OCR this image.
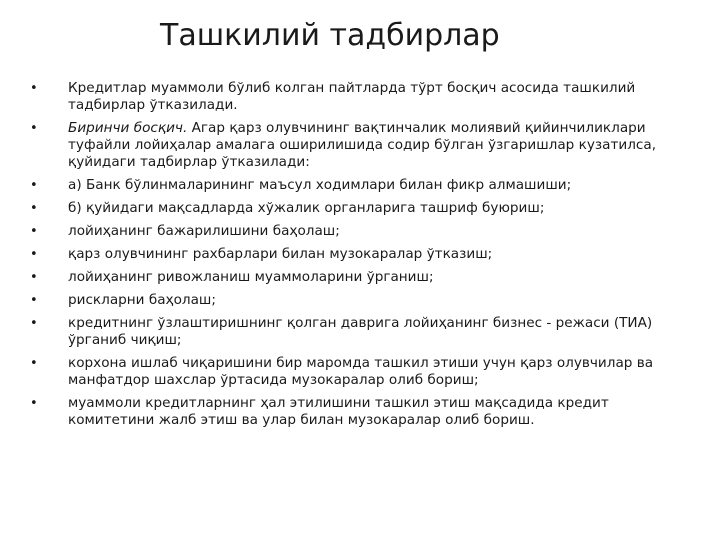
Ташкилий тадбирлар
• Кредитлар муаммоли бўлиб колган пайтларда тўрт босқич асосида ташкилий тадбирлар ўтказилади.
• Биринчи босқич. Агар қарз олувчининг вақтинчалик молиявий қийинчиликлари туфайли лойиҳалар амалага оширилишида содир бўлган ўзгаришлар кузатилса, қуйидаги тадбирлар ўтказилади:
• а) Банк бўлинмаларининг маъсул ходимлари билан фикр алмашиши;
• б) қуйидаги мақсадларда хўжалик органларига ташриф буюриш;
• лойиҳанинг бажарилишини баҳолаш;
• қарз олувчининг рахбарлари билан музокаралар ўтказиш;
• лойиҳанинг ривожланиш муаммоларини ўрганиш;
• рискларни баҳолаш;
• кредитнинг ўзлаштиришнинг қолган даврига лойиҳанинг бизнес - режаси (ТИА) ўрганиб чиқиш;
• корхона ишлаб чиқаришини бир маромда ташкил этиши учун қарз олувчилар ва манфатдор шахслар ўртасида музокаралар олиб бориш;
• муаммоли кредитларнинг ҳал этилишини ташкил этиш мақсадида кредит комитетини жалб этиш ва улар билан музокаралар олиб бориш.
